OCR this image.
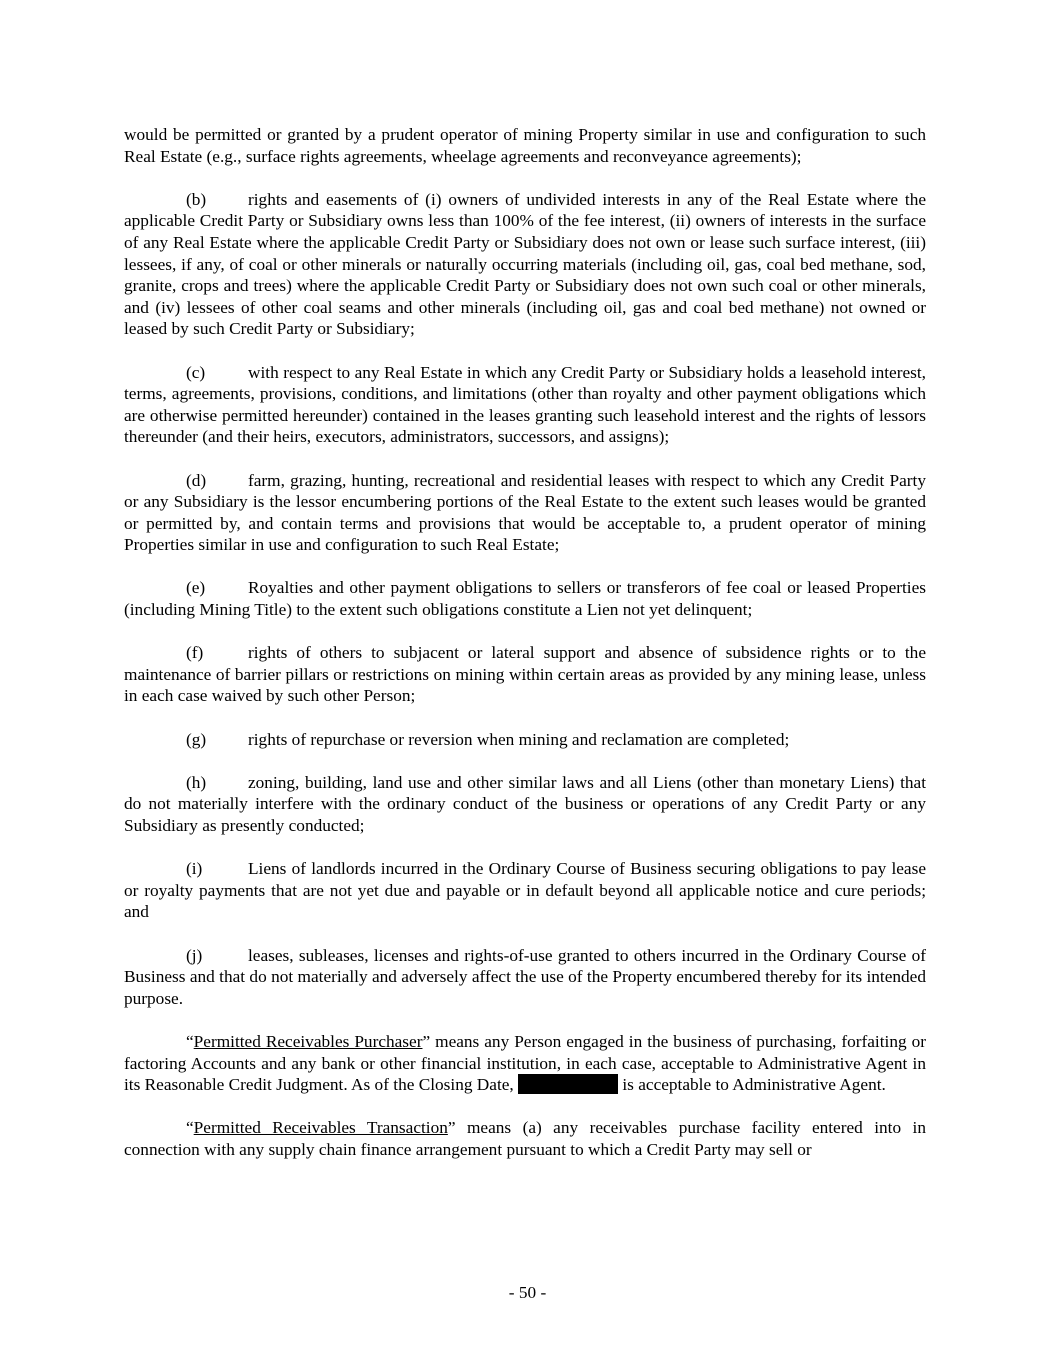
would be permitted or granted by a prudent operator of mining Property similar in use and configuration to such Real Estate (e.g., surface rights agreements, wheelage agreements and reconveyance agreements);

(b) rights and easements of (i) owners of undivided interests in any of the Real Estate where the applicable Credit Party or Subsidiary owns less than 100% of the fee interest, (ii) owners of interests in the surface of any Real Estate where the applicable Credit Party or Subsidiary does not own or lease such surface interest, (iii) lessees, if any, of coal or other minerals or naturally occurring materials (including oil, gas, coal bed methane, sod, granite, crops and trees) where the applicable Credit Party or Subsidiary does not own such coal or other minerals, and (iv) lessees of other coal seams and other minerals (including oil, gas and coal bed methane) not owned or leased by such Credit Party or Subsidiary;

(c) with respect to any Real Estate in which any Credit Party or Subsidiary holds a leasehold interest, terms, agreements, provisions, conditions, and limitations (other than royalty and other payment obligations which are otherwise permitted hereunder) contained in the leases granting such leasehold interest and the rights of lessors thereunder (and their heirs, executors, administrators, successors, and assigns);

(d) farm, grazing, hunting, recreational and residential leases with respect to which any Credit Party or any Subsidiary is the lessor encumbering portions of the Real Estate to the extent such leases would be granted or permitted by, and contain terms and provisions that would be acceptable to, a prudent operator of mining Properties similar in use and configuration to such Real Estate;

(e) Royalties and other payment obligations to sellers or transferors of fee coal or leased Properties (including Mining Title) to the extent such obligations constitute a Lien not yet delinquent;

(f)	rights of others to subjacent or lateral support and absence of subsidence rights or to the maintenance of barrier pillars or restrictions on mining within certain areas as provided by any mining lease, unless in each case waived by such other Person;

(g) rights of repurchase or reversion when mining and reclamation are completed;

(h) zoning, building, land use and other similar laws and all Liens (other than monetary Liens) that do not materially interfere with the ordinary conduct of the business or operations of any Credit Party or any Subsidiary as presently conducted;

(i)	Liens of landlords incurred in the Ordinary Course of Business securing obligations to pay lease or royalty payments that are not yet due and payable or in default beyond all applicable notice and cure periods; and

(j)	leases, subleases, licenses and rights-of-use granted to others incurred in the Ordinary Course of Business and that do not materially and adversely affect the use of the Property encumbered thereby for its intended purpose.

“Permitted Receivables Purchaser” means any Person engaged in the business of purchasing, forfaiting or factoring Accounts and any bank or other financial institution, in each case, acceptable to Administrative Agent in its Reasonable Credit Judgment. As of the Closing Date,	is acceptable to Administrative Agent.

“Permitted Receivables Transaction” means (a) any receivables purchase facility entered into in connection with any supply chain finance arrangement pursuant to which a Credit Party may sell or

- 50 -
